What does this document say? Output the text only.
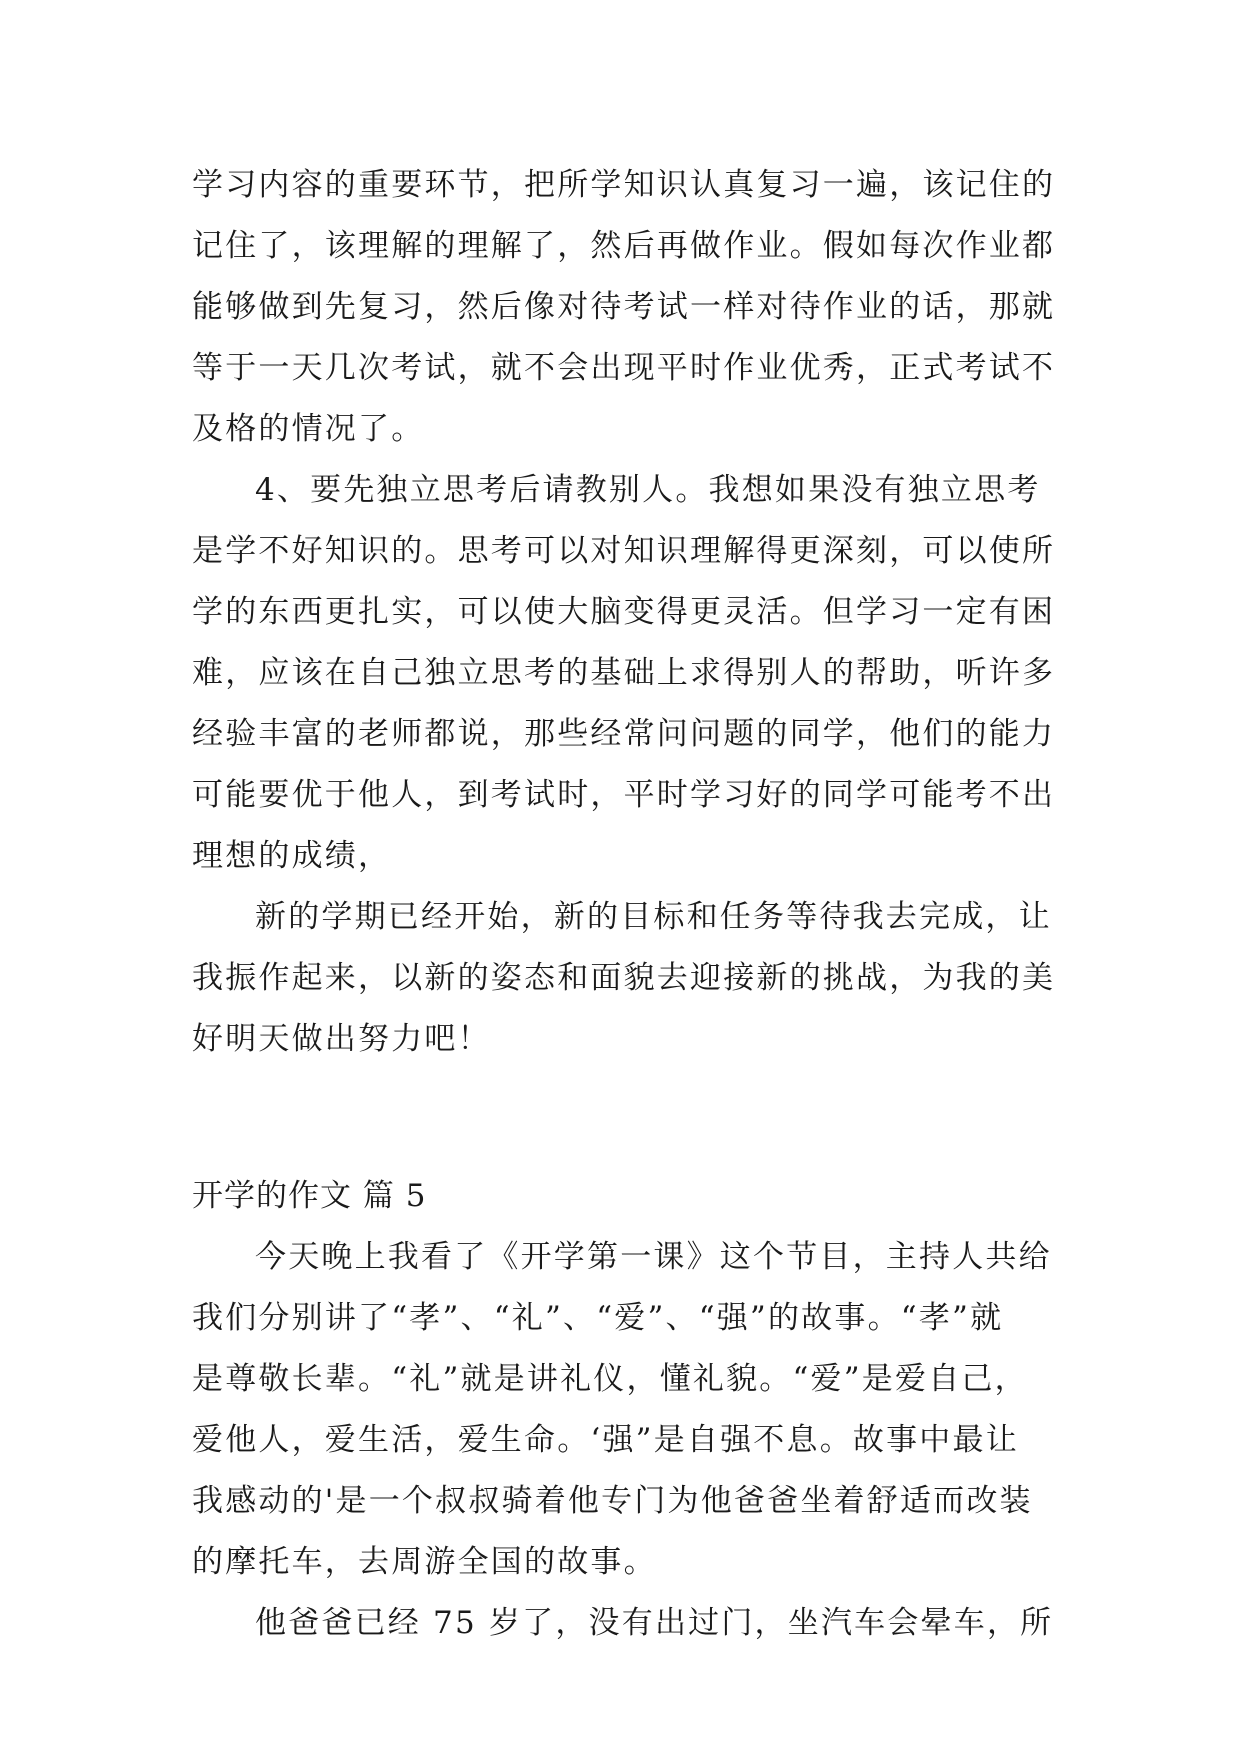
学习内容的重要环节，把所学知识认真复习一遍，该记住的
记住了，该理解的理解了，然后再做作业。假如每次作业都
能够做到先复习，然后像对待考试一样对待作业的话，那就
等于一天几次考试，就不会出现平时作业优秀，正式考试不
及格的情况了。
4、要先独立思考后请教别人。我想如果没有独立思考
是学不好知识的。思考可以对知识理解得更深刻，可以使所
学的东西更扎实，可以使大脑变得更灵活。但学习一定有困
难，应该在自己独立思考的基础上求得别人的帮助，听许多
经验丰富的老师都说，那些经常问问题的同学，他们的能力
可能要优于他人，到考试时，平时学习好的同学可能考不出
理想的成绩，
新的学期已经开始，新的目标和任务等待我去完成，让
我振作起来，以新的姿态和面貌去迎接新的挑战，为我的美
好明天做出努力吧！
开学的作文 篇 5
今天晚上我看了《开学第一课》这个节目，主持人共给
我们分别讲了“孝”、“礼”、“爱”、“强”的故事。“孝”就
是尊敬长辈。“礼”就是讲礼仪，懂礼貌。“爱”是爱自己，
爱他人，爱生活，爱生命。‘强”是自强不息。故事中最让
我感动的'是一个叔叔骑着他专门为他爸爸坐着舒适而改装
的摩托车，去周游全国的故事。
他爸爸已经 75 岁了，没有出过门，坐汽车会晕车，所
